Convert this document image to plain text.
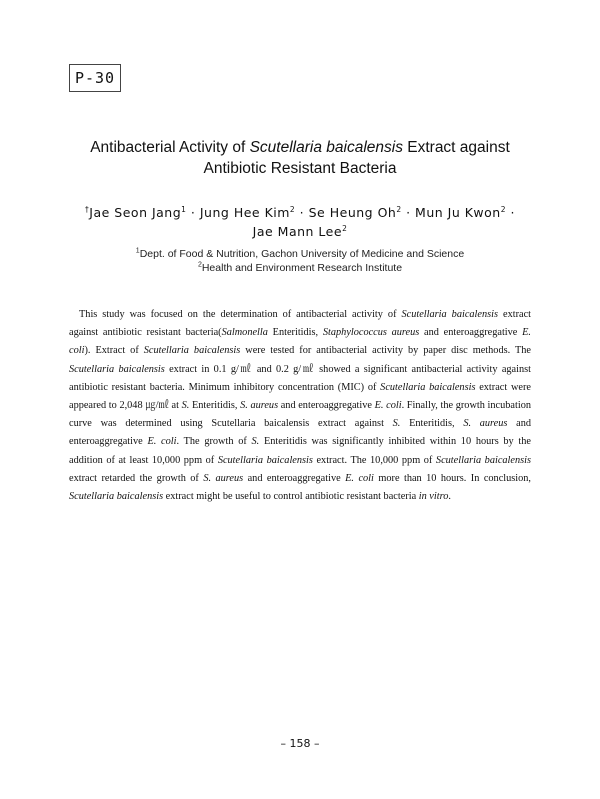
P-30
Antibacterial Activity of Scutellaria baicalensis Extract against
Antibiotic Resistant Bacteria
†Jae Seon Jang$^1$ · Jung Hee Kim$^2$ · Se Heung $Oh^2$ · Mun Ju Kwon$^2$ ·
Jae Mann Lee$^2$
$^1$Dept. of Food & Nutrition, Gachon University of Medicine and Science
$^2$Health and Environment Research Institute

This study was focused on the determination of antibacterial activity of Scutellaria baicalensis extract against antibiotic resistant bacteria(Salmonella Enteritidis, Staphylococcus aureus and enteroaggregative E. coli). Extract of Scutellaria baicalensis were tested for antibacterial activity by paper disc methods. The Scutellaria baicalensis extract in 0.1 g/㎖ and 0.2 g/㎖ showed a significant antibacterial activity against antibiotic resistant bacteria. Minimum inhibitory concentration (MIC) of Scutellaria baicalensis extract were appeared to 2,048 ㎍/㎖ at S. Enteritidis, S. aureus and enteroaggregative E. coli. Finally, the growth incubation curve was determined using Scutellaria baicalensis extract against S. Enteritidis, S. aureus and enteroaggregative E. coli. The growth of S. Enteritidis was significantly inhibited within 10 hours by the addition of at least 10,000 ppm of Scutellaria baicalensis extract. The 10,000 ppm of Scutellaria baicalensis extract retarded the growth of S. aureus and enteroaggregative E. coli more than 10 hours. In conclusion, Scutellaria baicalensis extract might be useful to control antibiotic resistant bacteria in vitro.

– 158 –
